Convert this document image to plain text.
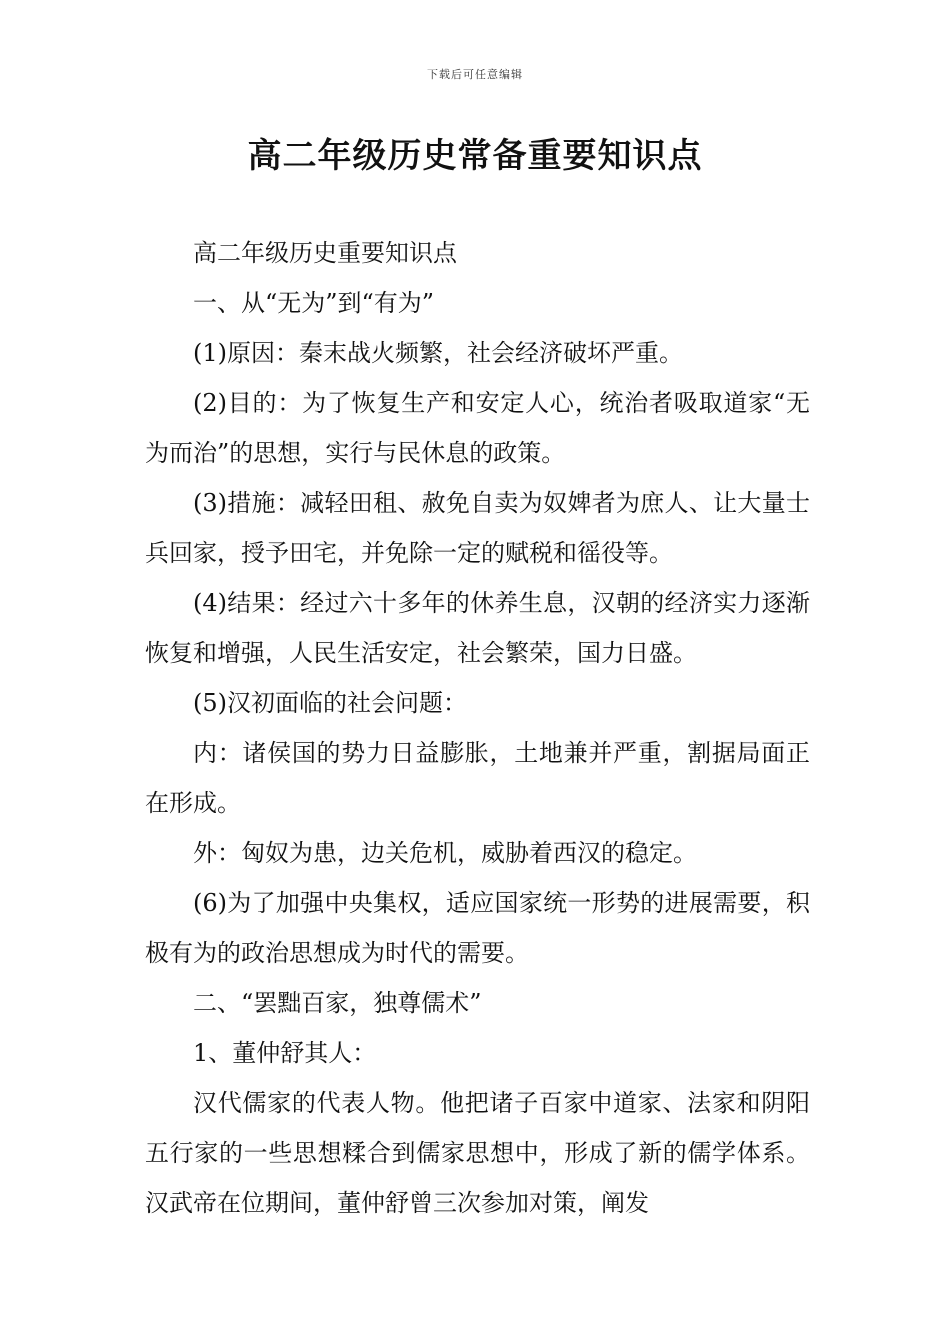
下载后可任意编辑
高二年级历史常备重要知识点

高二年级历史重要知识点

一、从“无为”到“有为”

(1)原因：秦末战火频繁，社会经济破坏严重。

(2)目的：为了恢复生产和安定人心，统治者吸取道家“无为而治”的思想，实行与民休息的政策。

(3)措施：减轻田租、赦免自卖为奴婢者为庶人、让大量士兵回家，授予田宅，并免除一定的赋税和徭役等。

(4)结果：经过六十多年的休养生息，汉朝的经济实力逐渐恢复和增强，人民生活安定，社会繁荣，国力日盛。

(5)汉初面临的社会问题：

内：诸侯国的势力日益膨胀，土地兼并严重，割据局面正在形成。

外：匈奴为患，边关危机，威胁着西汉的稳定。

(6)为了加强中央集权，适应国家统一形势的进展需要，积极有为的政治思想成为时代的需要。

二、“罢黜百家，独尊儒术”

1、董仲舒其人：

汉代儒家的代表人物。他把诸子百家中道家、法家和阴阳五行家的一些思想糅合到儒家思想中，形成了新的儒学体系。汉武帝在位期间，董仲舒曾三次参加对策，阐发
